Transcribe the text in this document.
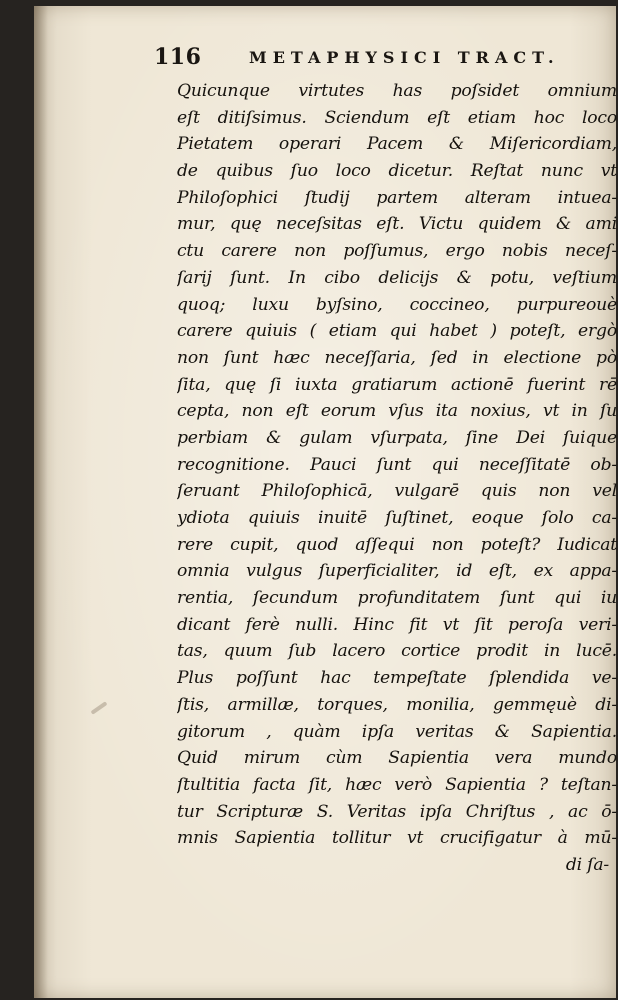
116	METAPHYSICI TRACT.
Quicunque virtutes has poſsidet omnium
eſt ditiſsimus. Sciendum eſt etiam hoc loco
Pietatem operari Pacem & Miſericordiam,
de quibus ſuo loco dicetur. Reſtat nunc vt
Philoſophici ſtudij partem alteram intuea-
mur, quę neceſsitas eſt. Victu quidem & ami
ctu carere non poſſumus, ergo nobis neceſ-
ſarij ſunt. In cibo delicijs & potu, veſtium
quoq; luxu byſsino, coccineo, purpureouè
carere quiuis ( etiam qui habet ) poteſt, ergò
non ſunt hæc neceſſaria, ſed in electione pò
ſita, quę ſi iuxta gratiarum actionē fuerint rē
cepta, non eſt eorum vſus ita noxius, vt in ſu
perbiam & gulam vſurpata, ſine Dei ſuique
recognitione. Pauci ſunt qui neceſſitatē ob-
ſeruant Philoſophicā, vulgarē quis non vel
ydiota quiuis inuitē ſuſtinet, eoque ſolo ca-
rere cupit, quod aſſequi non poteſt? Iudicat
omnia vulgus ſuperficialiter, id eſt, ex appa-
rentia, ſecundum profunditatem ſunt qui iu
dicant ferè nulli. Hinc fit vt ſit peroſa veri-
tas, quum ſub lacero cortice prodit in lucē.
Plus poſſunt hac tempeſtate ſplendida ve-
ſtis, armillæ, torques, monilia, gemmęuè di-
gitorum , quàm ipſa veritas & Sapientia.
Quid mirum cùm Sapientia vera mundo
ſtultitia facta ſit, hæc verò Sapientia ? teſtan-
tur Scripturæ S. Veritas ipſa Chriſtus , ac ō-
mnis Sapientia tollitur vt crucifigatur à mū-
di ſa-
